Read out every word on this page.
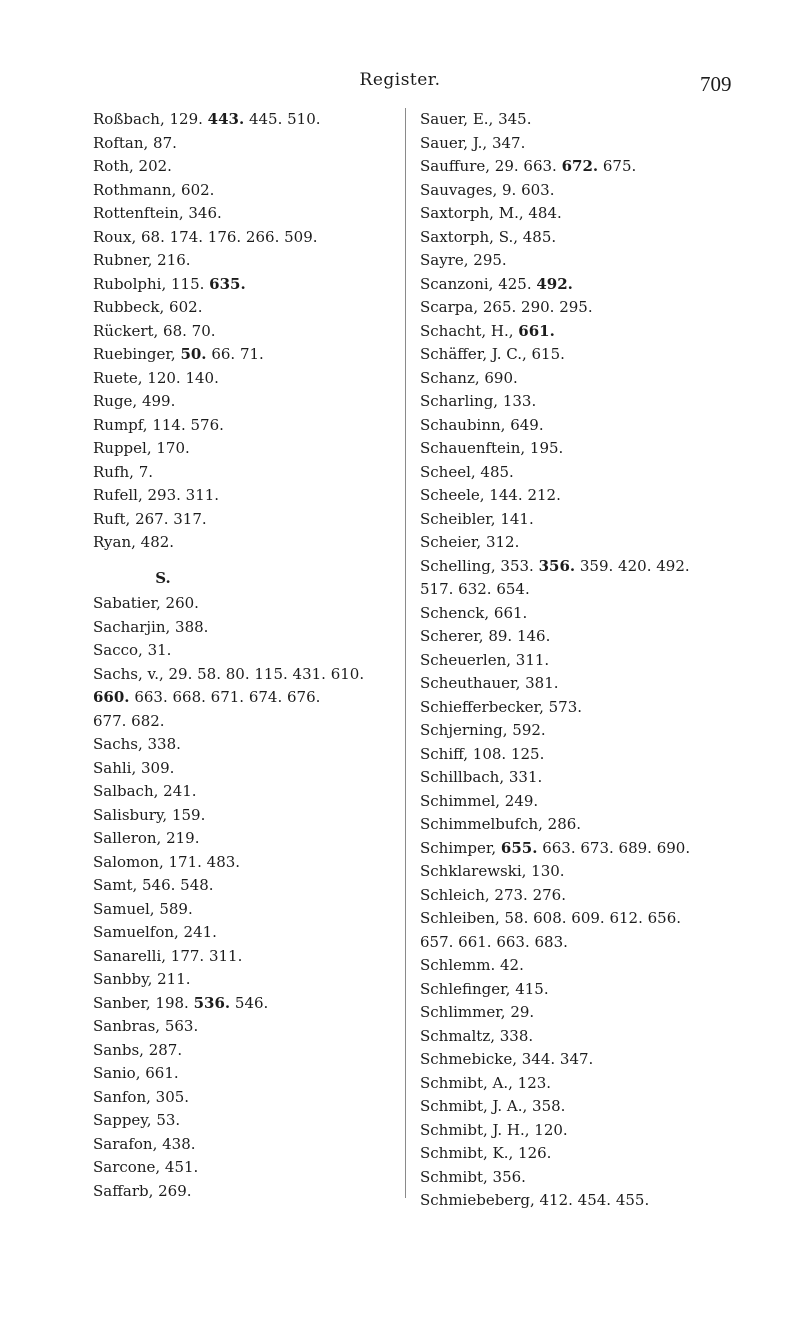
Register.	709
Roßbach, 129. 443. 445. 510.
Roftan, 87.
Roth, 202.
Rothmann, 602.
Rottenftein, 346.
Roux, 68. 174. 176. 266. 509.
Rubner, 216.
Rubolphi, 115. 635.
Rubbeck, 602.
Rückert, 68. 70.
Ruebinger, 50. 66. 71.
Ruete, 120. 140.
Ruge, 499.
Rumpf, 114. 576.
Ruppel, 170.
Rufh, 7.
Rufell, 293. 311.
Ruft, 267. 317.
Ryan, 482.
S.
Sabatier, 260.
Sacharjin, 388.
Sacco, 31.
Sachs, v., 29. 58. 80. 115. 431. 610.
660. 663. 668. 671. 674. 676.
677. 682.
Sachs, 338.
Sahli, 309.
Salbach, 241.
Salisbury, 159.
Salleron, 219.
Salomon, 171. 483.
Samt, 546. 548.
Samuel, 589.
Samuelfon, 241.
Sanarelli, 177. 311.
Sanbby, 211.
Sanber, 198. 536. 546.
Sanbras, 563.
Sanbs, 287.
Sanio, 661.
Sanfon, 305.
Sappey, 53.
Sarafon, 438.
Sarcone, 451.
Saffarb, 269.
Sauer, E., 345.
Sauer, J., 347.
Sauffure, 29. 663. 672. 675.
Sauvages, 9. 603.
Saxtorph, M., 484.
Saxtorph, S., 485.
Sayre, 295.
Scanzoni, 425. 492.
Scarpa, 265. 290. 295.
Schacht, H., 661.
Schäffer, J. C., 615.
Schanz, 690.
Scharling, 133.
Schaubinn, 649.
Schauenftein, 195.
Scheel, 485.
Scheele, 144. 212.
Scheibler, 141.
Scheier, 312.
Schelling, 353. 356. 359. 420. 492.
517. 632. 654.
Schenck, 661.
Scherer, 89. 146.
Scheuerlen, 311.
Scheuthauer, 381.
Schiefferbecker, 573.
Schjerning, 592.
Schiff, 108. 125.
Schillbach, 331.
Schimmel, 249.
Schimmelbufch, 286.
Schimper, 655. 663. 673. 689. 690.
Schklarewski, 130.
Schleich, 273. 276.
Schleiben, 58. 608. 609. 612. 656.
657. 661. 663. 683.
Schlemm. 42.
Schlefinger, 415.
Schlimmer, 29.
Schmaltz, 338.
Schmebicke, 344. 347.
Schmibt, A., 123.
Schmibt, J. A., 358.
Schmibt, J. H., 120.
Schmibt, K., 126.
Schmibt, 356.
Schmiebeberg, 412. 454. 455.
